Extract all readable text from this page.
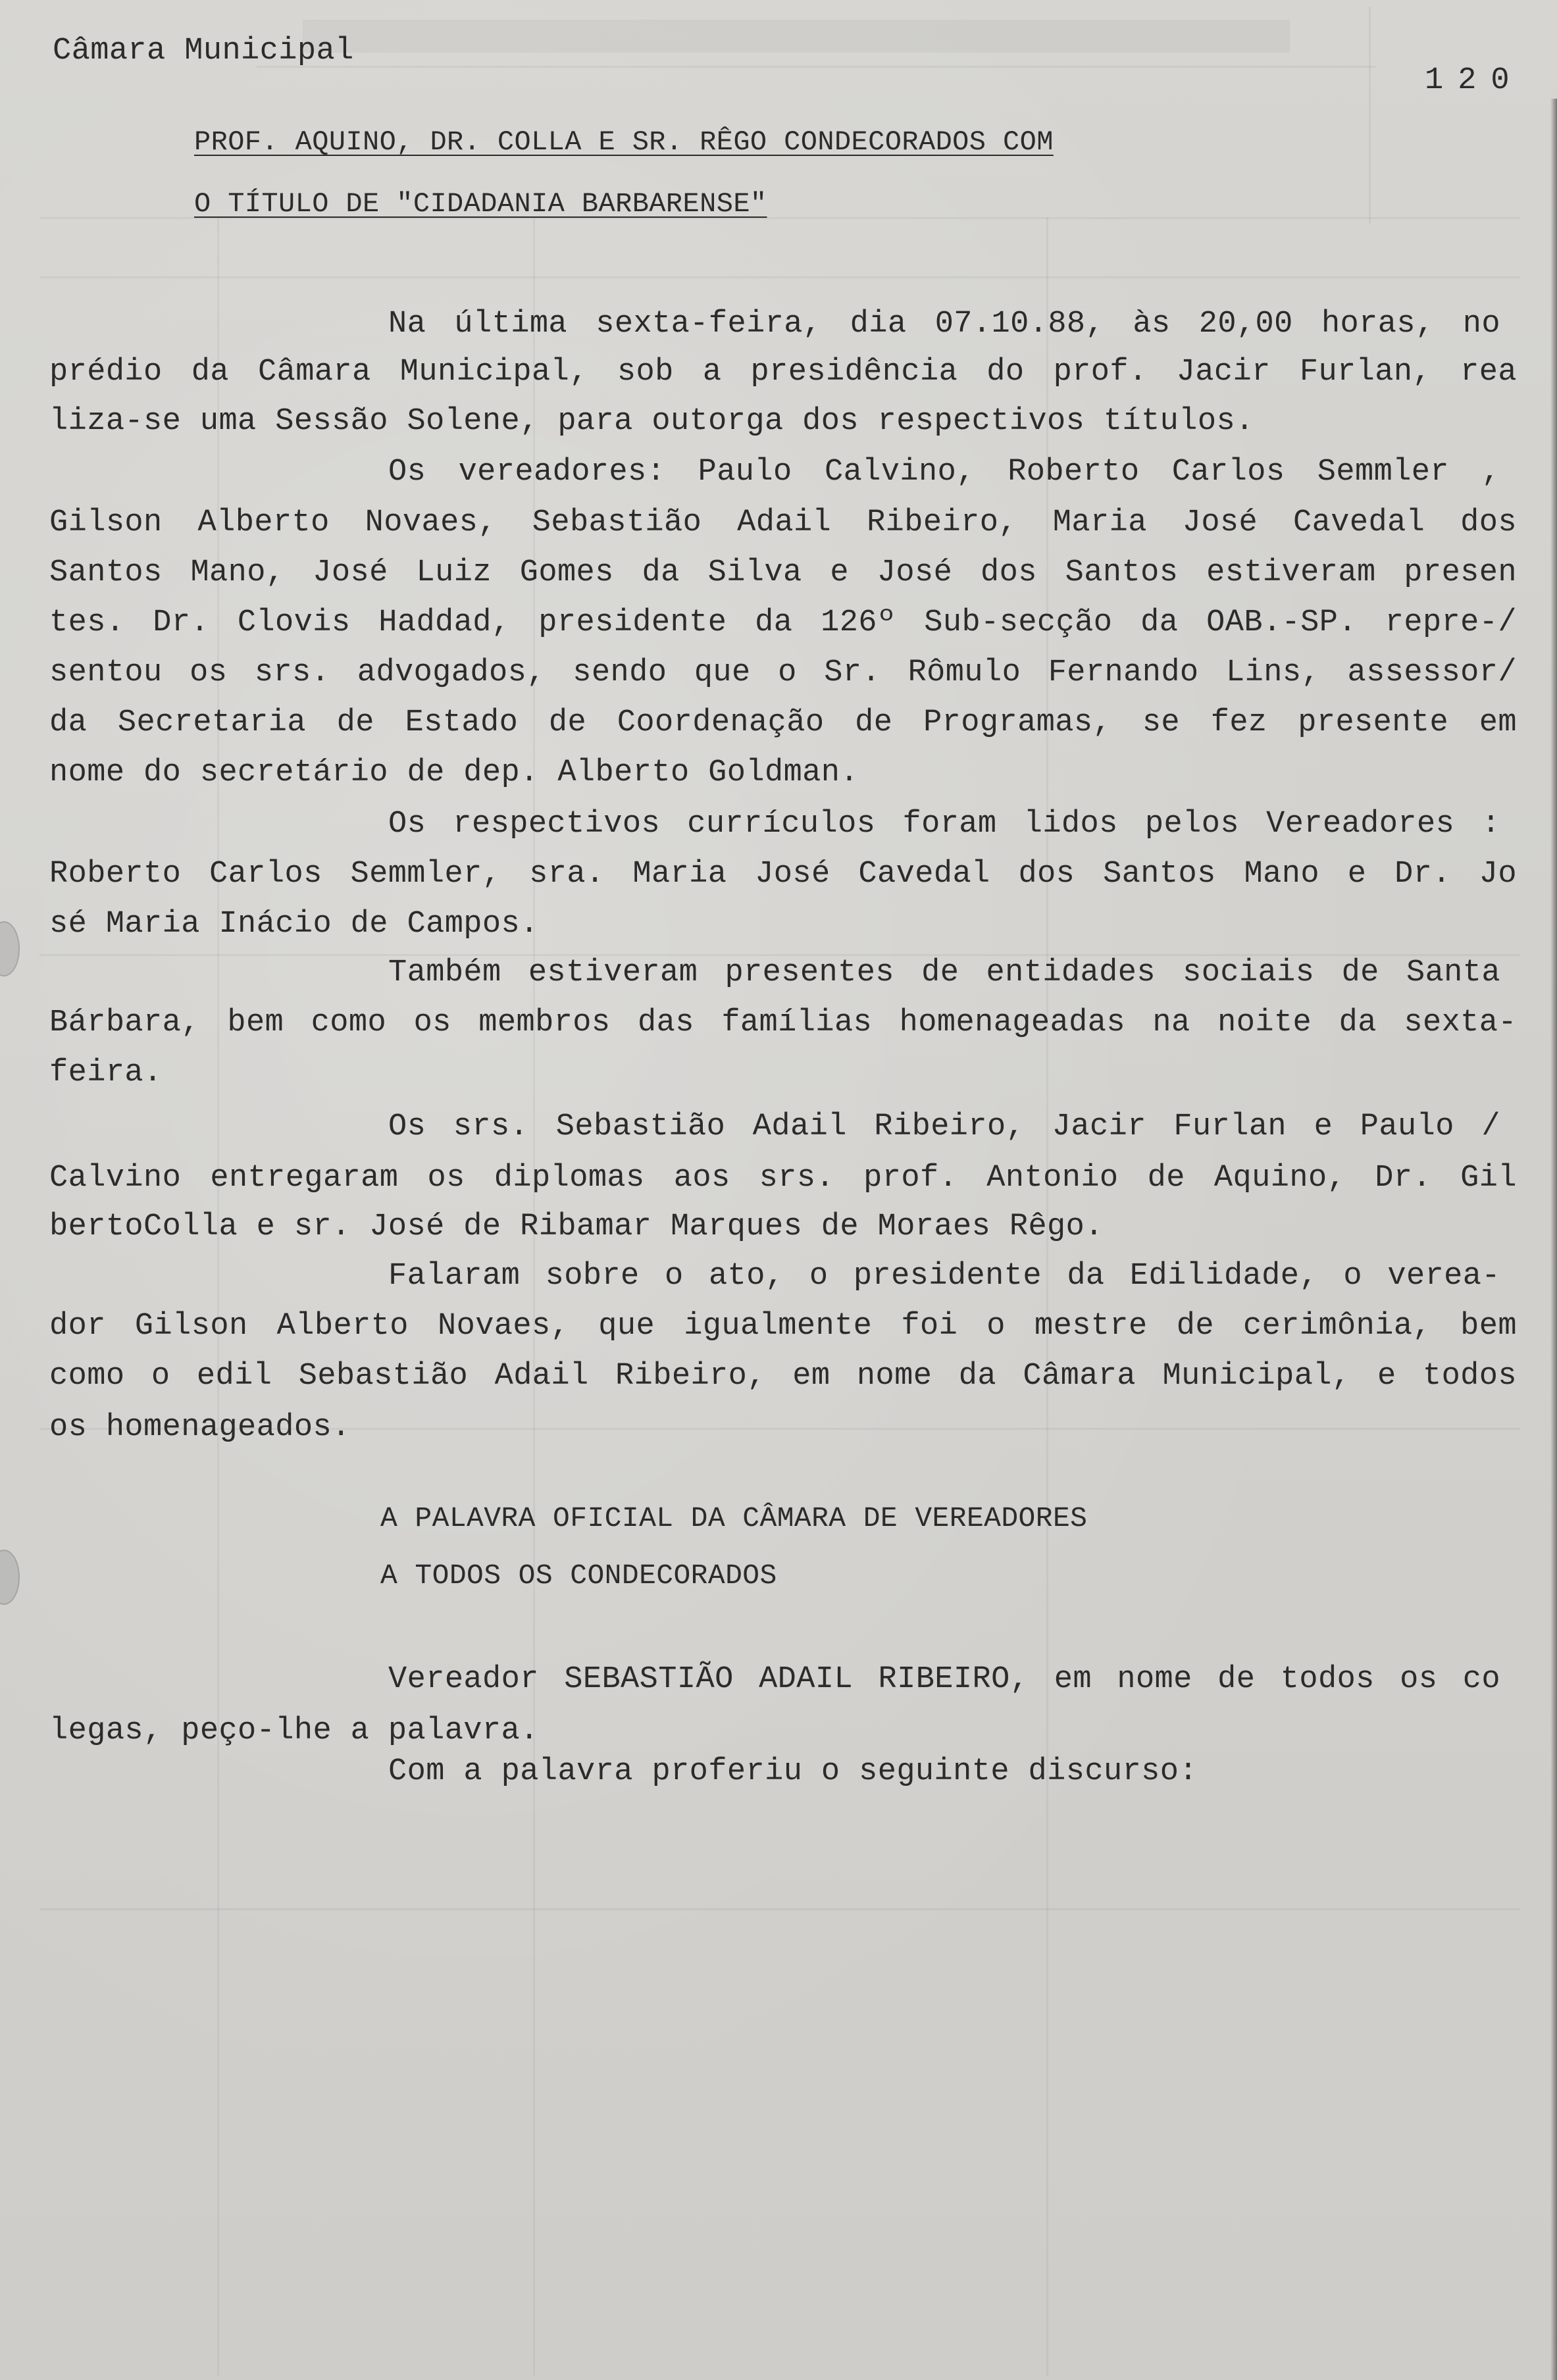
Câmara Municipal
120
PROF. AQUINO, DR. COLLA E SR. RÊGO CONDECORADOS COM
O TÍTULO DE "CIDADANIA BARBARENSE"
Na última sexta-feira, dia 07.10.88, às 20,00 horas, no
prédio da Câmara Municipal, sob a presidência do prof. Jacir Furlan, rea
liza-se uma Sessão Solene, para outorga dos respectivos títulos.
Os vereadores: Paulo Calvino, Roberto Carlos Semmler ,
Gilson Alberto Novaes, Sebastião Adail Ribeiro, Maria José Cavedal dos
Santos Mano, José Luiz Gomes da Silva e José dos Santos estiveram presen
tes. Dr. Clovis Haddad, presidente da 126º Sub-secção da OAB.-SP. repre-/
sentou os srs. advogados, sendo que o Sr. Rômulo Fernando Lins, assessor/
da Secretaria de Estado de Coordenação de Programas, se fez presente em
nome do secretário de dep. Alberto Goldman.
Os respectivos currículos foram lidos pelos Vereadores :
Roberto Carlos Semmler, sra. Maria José Cavedal dos Santos Mano e Dr. Jo
sé Maria Inácio de Campos.
Também estiveram presentes de entidades sociais de Santa
Bárbara, bem como os membros das famílias homenageadas na noite da sexta-
feira.
Os srs. Sebastião Adail Ribeiro, Jacir Furlan e Paulo /
Calvino entregaram os diplomas aos srs. prof. Antonio de Aquino, Dr. Gil
bertoColla e sr. José de Ribamar Marques de Moraes Rêgo.
Falaram sobre o ato, o presidente da Edilidade, o verea-
dor Gilson Alberto Novaes, que igualmente foi o mestre de cerimônia, bem
como o edil Sebastião Adail Ribeiro, em nome da Câmara Municipal, e todos
os homenageados.
A PALAVRA OFICIAL DA CÂMARA DE VEREADORES
A TODOS OS CONDECORADOS
Vereador SEBASTIÃO ADAIL RIBEIRO, em nome de todos os co
legas, peço-lhe a palavra.
Com a palavra proferiu o seguinte discurso:
